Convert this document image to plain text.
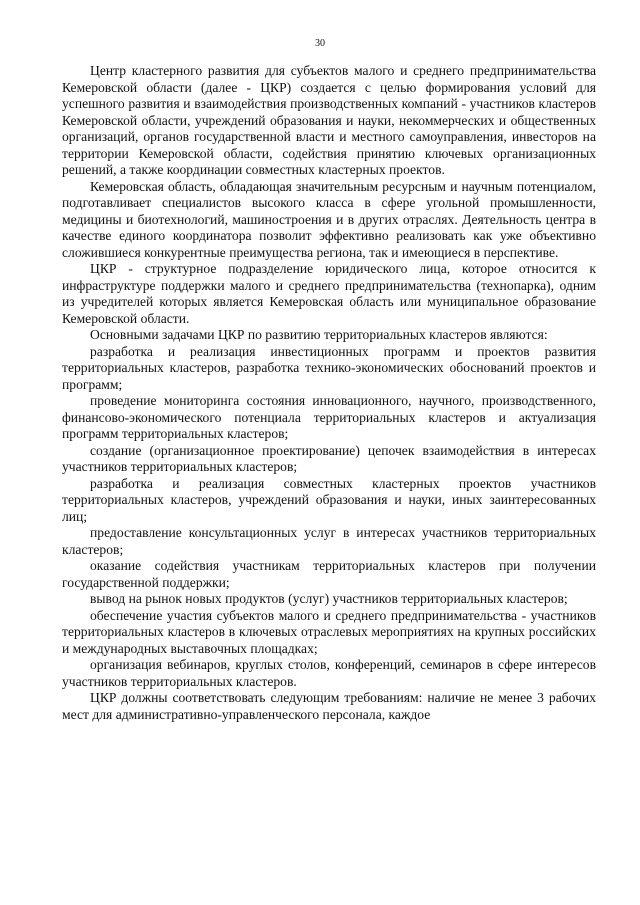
30

Центр кластерного развития для субъектов малого и среднего предпринимательства Кемеровской области (далее - ЦКР) создается с целью формирования условий для успешного развития и взаимодействия производственных компаний - участников кластеров Кемеровской области, учреждений образования и науки, некоммерческих и общественных организаций, органов государственной власти и местного самоуправления, инвесторов на территории Кемеровской области, содействия принятию ключевых организационных решений, а также координации совместных кластерных проектов.

Кемеровская область, обладающая значительным ресурсным и научным потенциалом, подготавливает специалистов высокого класса в сфере угольной промышленности, медицины и биотехнологий, машиностроения и в других отраслях. Деятельность центра в качестве единого координатора позволит эффективно реализовать как уже объективно сложившиеся конкурентные преимущества региона, так и имеющиеся в перспективе.

ЦКР - структурное подразделение юридического лица, которое относится к инфраструктуре поддержки малого и среднего предпринимательства (технопарка), одним из учредителей которых является Кемеровская область или муниципальное образование Кемеровской области.

Основными задачами ЦКР по развитию территориальных кластеров являются:

разработка и реализация инвестиционных программ и проектов развития территориальных кластеров, разработка технико-экономических обоснований проектов и программ;

проведение мониторинга состояния инновационного, научного, производственного, финансово-экономического потенциала территориальных кластеров и актуализация программ территориальных кластеров;

создание (организационное проектирование) цепочек взаимодействия в интересах участников территориальных кластеров;

разработка и реализация совместных кластерных проектов участников территориальных кластеров, учреждений образования и науки, иных заинтересованных лиц;

предоставление консультационных услуг в интересах участников территориальных кластеров;

оказание содействия участникам территориальных кластеров при получении государственной поддержки;

вывод на рынок новых продуктов (услуг) участников территориальных кластеров;

обеспечение участия субъектов малого и среднего предпринимательства - участников территориальных кластеров в ключевых отраслевых мероприятиях на крупных российских и международных выставочных площадках;

организация вебинаров, круглых столов, конференций, семинаров в сфере интересов участников территориальных кластеров.

ЦКР должны соответствовать следующим требованиям: наличие не менее 3 рабочих мест для административно-управленческого персонала, каждое
